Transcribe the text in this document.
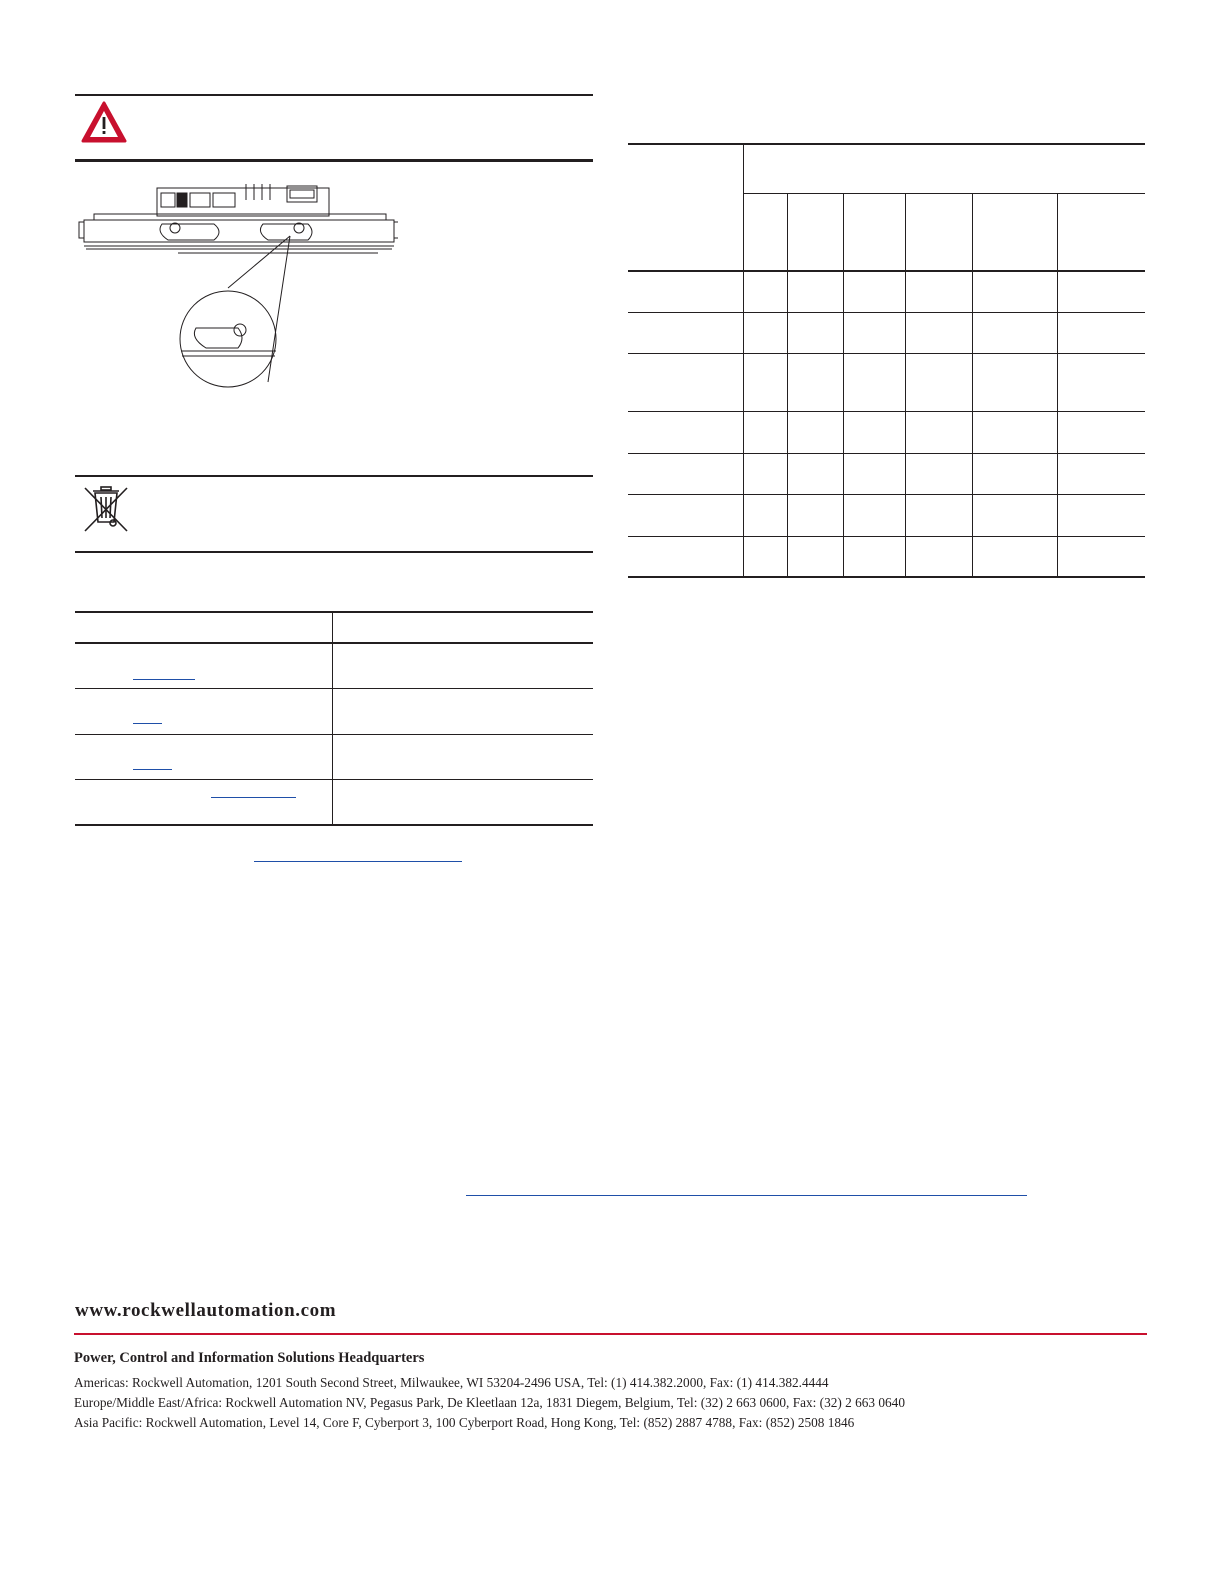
www.rockwellautomation.com
Power, Control and Information Solutions Headquarters
Americas: Rockwell Automation, 1201 South Second Street, Milwaukee, WI 53204-2496 USA, Tel: (1) 414.382.2000, Fax: (1) 414.382.4444
Europe/Middle East/Africa: Rockwell Automation NV, Pegasus Park, De Kleetlaan 12a, 1831 Diegem, Belgium, Tel: (32) 2 663 0600, Fax: (32) 2 663 0640
Asia Pacific: Rockwell Automation, Level 14, Core F, Cyberport 3, 100 Cyberport Road, Hong Kong, Tel: (852) 2887 4788, Fax: (852) 2508 1846
